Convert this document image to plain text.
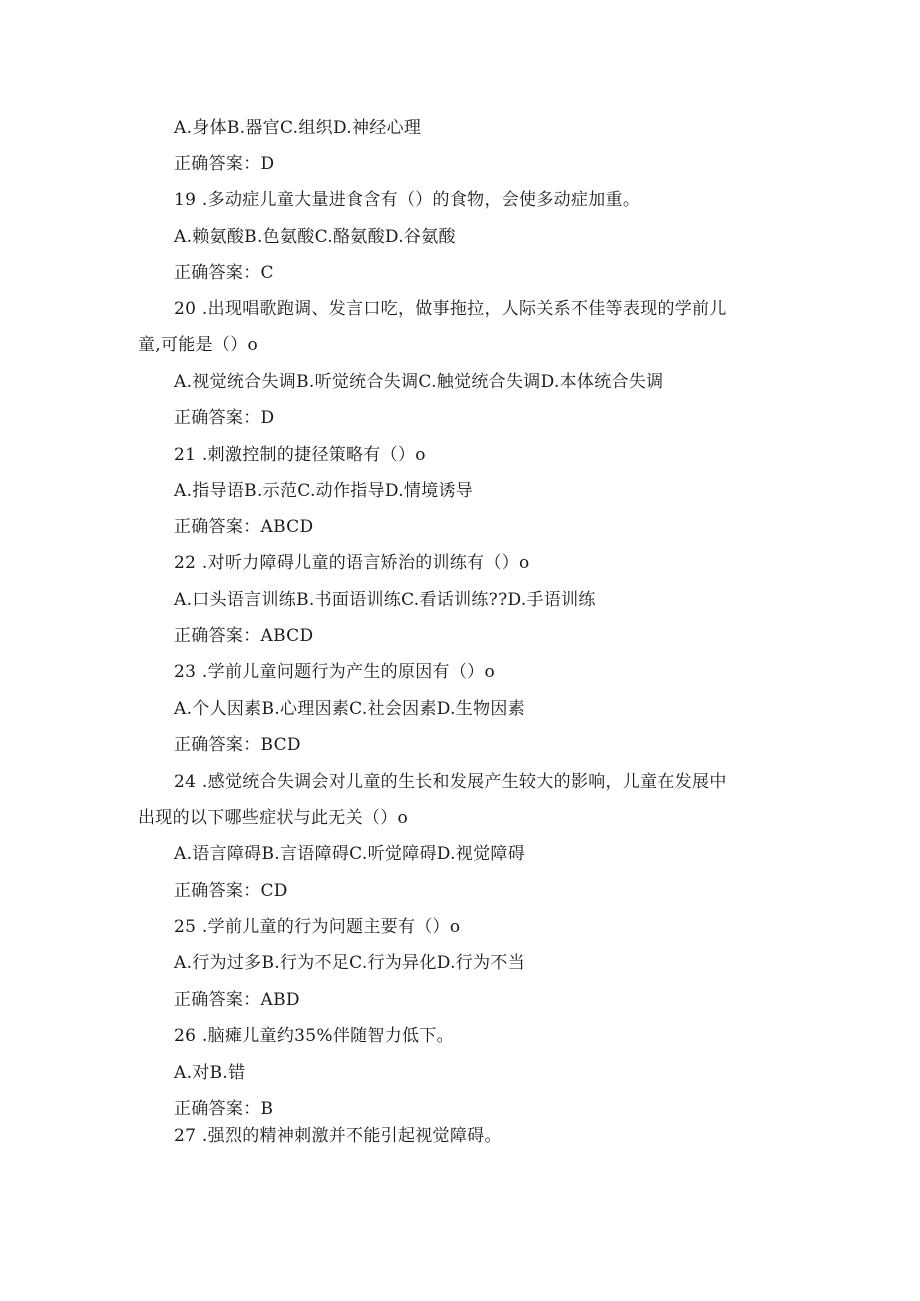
A.身体B.器官C.组织D.神经心理
正确答案：D
19 .多动症儿童大量进食含有（）的食物，会使多动症加重。
A.赖氨酸B.色氨酸C.酪氨酸D.谷氨酸
正确答案：C
20 .出现唱歌跑调、发言口吃，做事拖拉，人际关系不佳等表现的学前儿
童,可能是（）o
A.视觉统合失调B.听觉统合失调C.触觉统合失调D.本体统合失调
正确答案：D
21 .刺激控制的捷径策略有（）o
A.指导语B.示范C.动作指导D.情境诱导
正确答案：ABCD
22 .对听力障碍儿童的语言矫治的训练有（）o
A.口头语言训练B.书面语训练C.看话训练??D.手语训练
正确答案：ABCD
23 .学前儿童问题行为产生的原因有（）o
A.个人因素B.心理因素C.社会因素D.生物因素
正确答案：BCD
24 .感觉统合失调会对儿童的生长和发展产生较大的影响，儿童在发展中
出现的以下哪些症状与此无关（）o
A.语言障碍B.言语障碍C.听觉障碍D.视觉障碍
正确答案：CD
25 .学前儿童的行为问题主要有（）o
A.行为过多B.行为不足C.行为异化D.行为不当
正确答案：ABD
26 .脑瘫儿童约35%伴随智力低下。
A.对B.错
正确答案：B
27 .强烈的精神刺激并不能引起视觉障碍。
